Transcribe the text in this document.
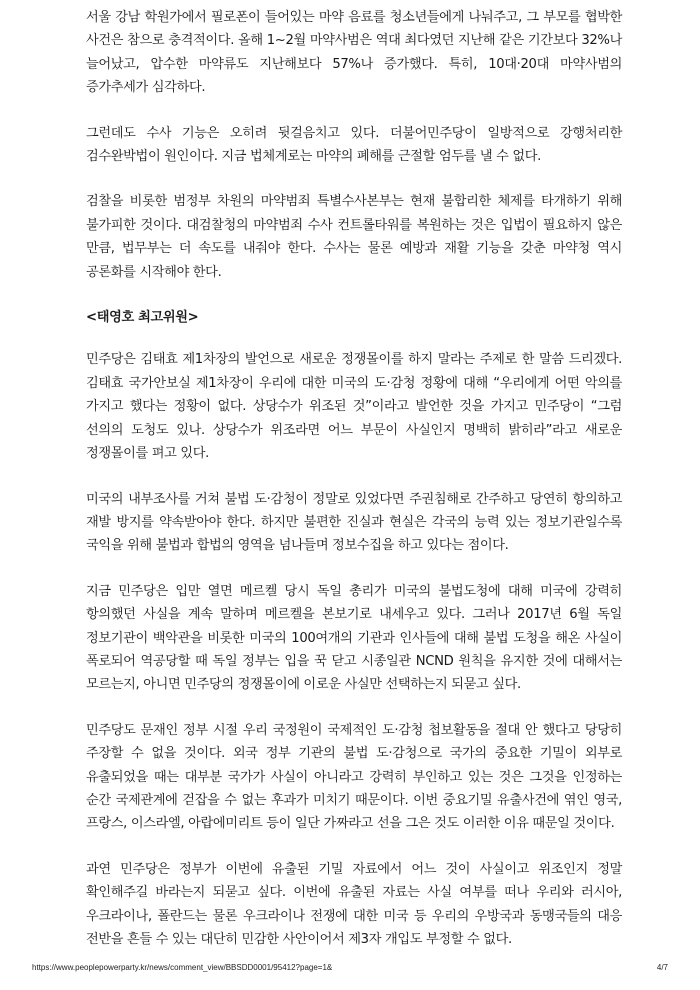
서울 강남 학원가에서 필로폰이 들어있는 마약 음료를 청소년들에게 나눠주고, 그 부모를 협박한 사건은 참으로 충격적이다. 올해 1~2월 마약사범은 역대 최다였던 지난해 같은 기간보다 32%나 늘어났고, 압수한 마약류도 지난해보다 57%나 증가했다. 특히, 10대·20대 마약사범의 증가추세가 심각하다.

그런데도 수사 기능은 오히려 뒷걸음치고 있다. 더불어민주당이 일방적으로 강행처리한 검수완박법이 원인이다. 지금 법체계로는 마약의 폐해를 근절할 엄두를 낼 수 없다.

검찰을 비롯한 범정부 차원의 마약범죄 특별수사본부는 현재 불합리한 체제를 타개하기 위해 불가피한 것이다. 대검찰청의 마약범죄 수사 컨트롤타워를 복원하는 것은 입법이 필요하지 않은 만큼, 법무부는 더 속도를 내줘야 한다. 수사는 물론 예방과 재활 기능을 갖춘 마약청 역시 공론화를 시작해야 한다.

<태영호 최고위원>

민주당은 김태효 제1차장의 발언으로 새로운 정쟁몰이를 하지 말라는 주제로 한 말씀 드리겠다. 김태효 국가안보실 제1차장이 우리에 대한 미국의 도·감청 정황에 대해 “우리에게 어떤 악의를 가지고 했다는 정황이 없다. 상당수가 위조된 것”이라고 발언한 것을 가지고 민주당이 “그럼 선의의 도청도 있나. 상당수가 위조라면 어느 부문이 사실인지 명백히 밝히라”라고 새로운 정쟁몰이를 펴고 있다.

미국의 내부조사를 거쳐 불법 도·감청이 정말로 있었다면 주권침해로 간주하고 당연히 항의하고 재발 방지를 약속받아야 한다. 하지만 불편한 진실과 현실은 각국의 능력 있는 정보기관일수록 국익을 위해 불법과 합법의 영역을 넘나들며 정보수집을 하고 있다는 점이다.

지금 민주당은 입만 열면 메르켈 당시 독일 총리가 미국의 불법도청에 대해 미국에 강력히 항의했던 사실을 계속 말하며 메르켈을 본보기로 내세우고 있다. 그러나 2017년 6월 독일 정보기관이 백악관을 비롯한 미국의 100여개의 기관과 인사들에 대해 불법 도청을 해온 사실이 폭로되어 역공당할 때 독일 정부는 입을 꾹 닫고 시종일관 NCND 원칙을 유지한 것에 대해서는 모르는지, 아니면 민주당의 정쟁몰이에 이로운 사실만 선택하는지 되묻고 싶다.

민주당도 문재인 정부 시절 우리 국정원이 국제적인 도·감청 첩보활동을 절대 안 했다고 당당히 주장할 수 없을 것이다. 외국 정부 기관의 불법 도·감청으로 국가의 중요한 기밀이 외부로 유출되었을 때는 대부분 국가가 사실이 아니라고 강력히 부인하고 있는 것은 그것을 인정하는 순간 국제관계에 걷잡을 수 없는 후과가 미치기 때문이다. 이번 중요기밀 유출사건에 엮인 영국, 프랑스, 이스라엘, 아랍에미리트 등이 일단 가짜라고 선을 그은 것도 이러한 이유 때문일 것이다.

과연 민주당은 정부가 이번에 유출된 기밀 자료에서 어느 것이 사실이고 위조인지 정말 확인해주길 바라는지 되묻고 싶다. 이번에 유출된 자료는 사실 여부를 떠나 우리와 러시아, 우크라이나, 폴란드는 물론 우크라이나 전쟁에 대한 미국 등 우리의 우방국과 동맹국들의 대응 전반을 흔들 수 있는 대단히 민감한 사안이어서 제3자 개입도 부정할 수 없다.

https://www.peoplepowerparty.kr/news/comment_view/BBSDD0001/95412?page=1&	4/7
